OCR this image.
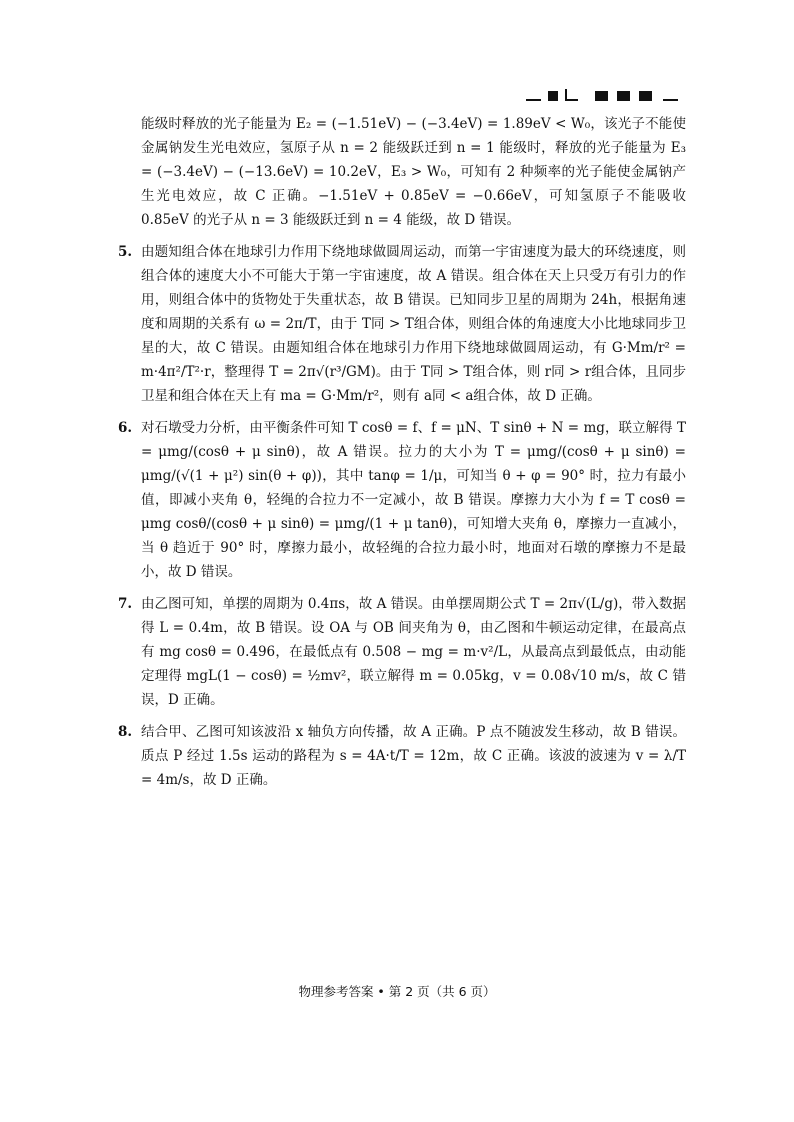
能级时释放的光子能量为 E₂ = (−1.51eV) − (−3.4eV) = 1.89eV < W₀，该光子不能使金属钠发生光电效应，氢原子从 n = 2 能级跃迁到 n = 1 能级时，释放的光子能量为 E₃ = (−3.4eV) − (−13.6eV) = 10.2eV，E₃ > W₀，可知有 2 种频率的光子能使金属钠产生光电效应，故 C 正确。−1.51eV + 0.85eV = −0.66eV，可知氢原子不能吸收 0.85eV 的光子从 n = 3 能级跃迁到 n = 4 能级，故 D 错误。

5. 由题知组合体在地球引力作用下绕地球做圆周运动，而第一宇宙速度为最大的环绕速度，则组合体的速度大小不可能大于第一宇宙速度，故 A 错误。组合体在天上只受万有引力的作用，则组合体中的货物处于失重状态，故 B 错误。已知同步卫星的周期为 24h，根据角速度和周期的关系有 ω = 2π/T，由于 T同 > T组合体，则组合体的角速度大小比地球同步卫星的大，故 C 错误。由题知组合体在地球引力作用下绕地球做圆周运动，有 G·Mm/r² = m·4π²/T²·r，整理得 T = 2π√(r³/GM)。由于 T同 > T组合体，则 r同 > r组合体，且同步卫星和组合体在天上有 ma = G·Mm/r²，则有 a同 < a组合体，故 D 正确。

6. 对石墩受力分析，由平衡条件可知 T cosθ = f、f = μN、T sinθ + N = mg，联立解得 T = μmg/(cosθ + μ sinθ)，故 A 错误。拉力的大小为 T = μmg/(cosθ + μ sinθ) = μmg/(√(1 + μ²) sin(θ + φ))，其中 tanφ = 1/μ，可知当 θ + φ = 90° 时，拉力有最小值，即减小夹角 θ，轻绳的合拉力不一定减小，故 B 错误。摩擦力大小为 f = T cosθ = μmg cosθ/(cosθ + μ sinθ) = μmg/(1 + μ tanθ)，可知增大夹角 θ，摩擦力一直减小，当 θ 趋近于 90° 时，摩擦力最小，故轻绳的合拉力最小时，地面对石墩的摩擦力不是最小，故 D 错误。

7. 由乙图可知，单摆的周期为 0.4πs，故 A 错误。由单摆周期公式 T = 2π√(L/g)，带入数据得 L = 0.4m，故 B 错误。设 OA 与 OB 间夹角为 θ，由乙图和牛顿运动定律，在最高点有 mg cosθ = 0.496，在最低点有 0.508 − mg = m·v²/L，从最高点到最低点，由动能定理得 mgL(1 − cosθ) = ½mv²，联立解得 m = 0.05kg，v = 0.08√10 m/s，故 C 错误，D 正确。

8. 结合甲、乙图可知该波沿 x 轴负方向传播，故 A 正确。P 点不随波发生移动，故 B 错误。质点 P 经过 1.5s 运动的路程为 s = 4A·t/T = 12m，故 C 正确。该波的波速为 v = λ/T = 4m/s，故 D 正确。

物理参考答案 • 第 2 页（共 6 页）
